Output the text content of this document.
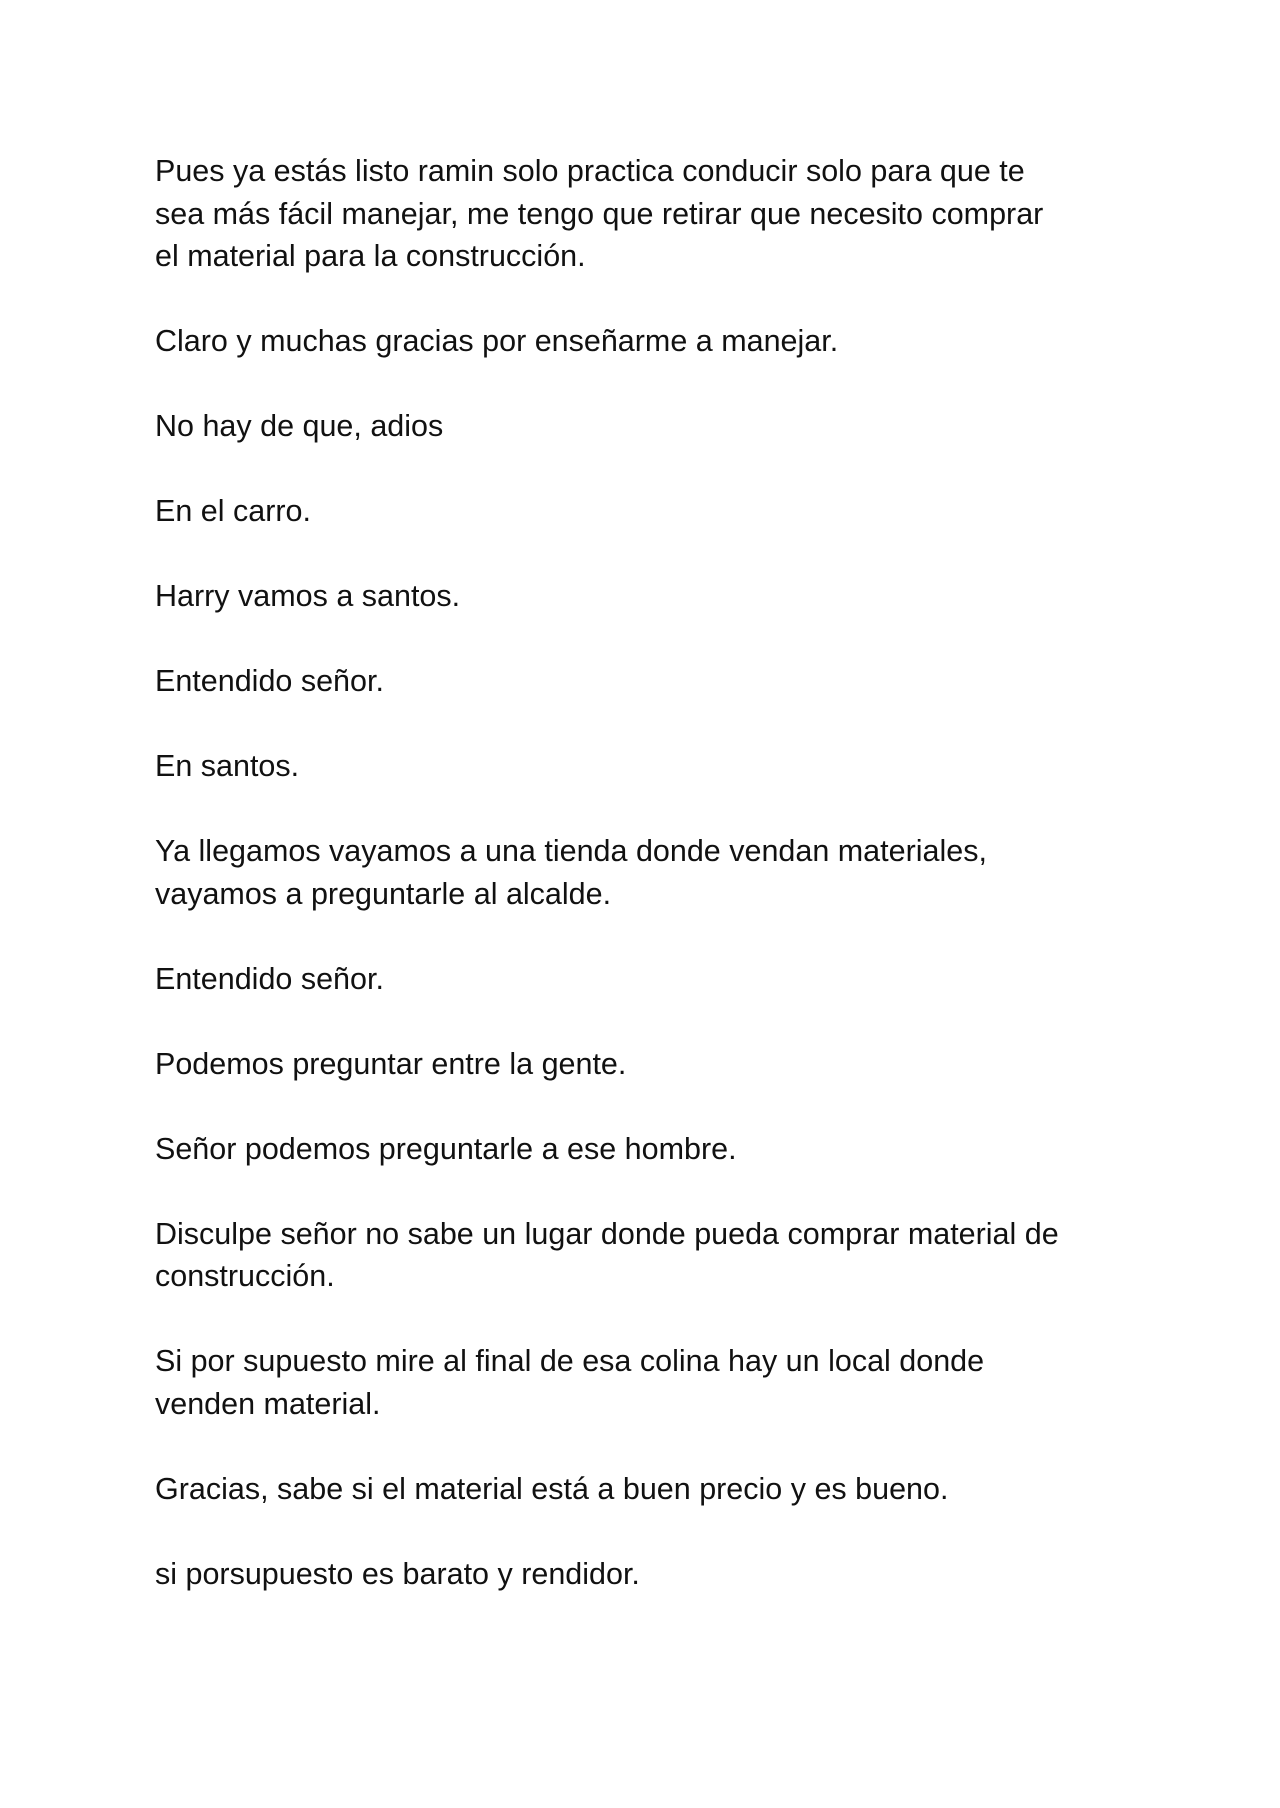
Pues ya estás listo ramin solo practica conducir solo para que te
sea más fácil manejar, me tengo que retirar que necesito comprar
el material para la construcción.

Claro y muchas gracias por enseñarme a manejar.

No hay de que, adios

En el carro.

Harry vamos a santos.

Entendido señor.

En santos.

Ya llegamos vayamos a una tienda donde vendan materiales,
vayamos a preguntarle al alcalde.

Entendido señor.

Podemos preguntar entre la gente.

Señor podemos preguntarle a ese hombre.

Disculpe señor no sabe un lugar donde pueda comprar material de
construcción.

Si por supuesto mire al final de esa colina hay un local donde
venden material.

Gracias, sabe si el material está a buen precio y es bueno.

si porsupuesto es barato y rendidor.
